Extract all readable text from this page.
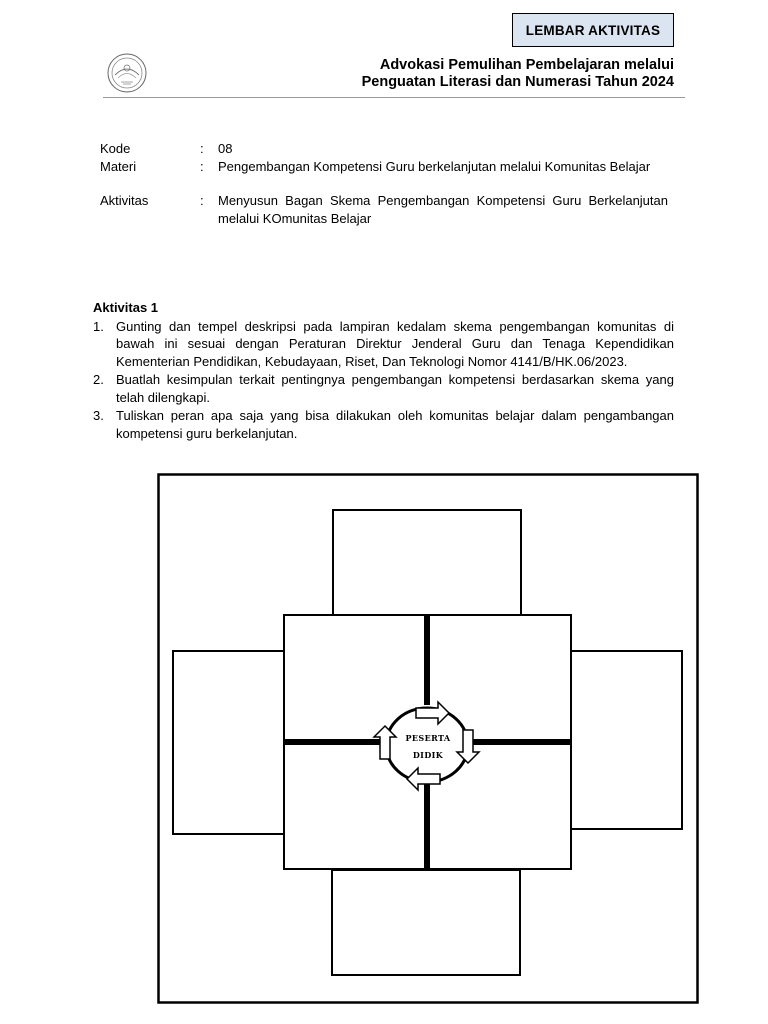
LEMBAR AKTIVITAS
Advokasi Pemulihan Pembelajaran melalui
Penguatan Literasi dan Numerasi Tahun 2024
Kode	:	08
Materi	:	Pengembangan Kompetensi Guru berkelanjutan melalui Komunitas Belajar
Aktivitas	:	Menyusun Bagan Skema Pengembangan Kompetensi Guru Berkelanjutan melalui KOmunitas Belajar
Aktivitas 1
1. Gunting dan tempel deskripsi pada lampiran kedalam skema pengembangan komunitas di bawah ini sesuai dengan Peraturan Direktur Jenderal Guru dan Tenaga Kependidikan Kementerian Pendidikan, Kebudayaan, Riset, Dan Teknologi Nomor 4141/B/HK.06/2023.
2. Buatlah kesimpulan terkait pentingnya pengembangan kompetensi berdasarkan skema yang telah dilengkapi.
3. Tuliskan peran apa saja yang bisa dilakukan oleh komunitas belajar dalam pengambangan kompetensi guru berkelanjutan.
PESERTA
DIDIK
